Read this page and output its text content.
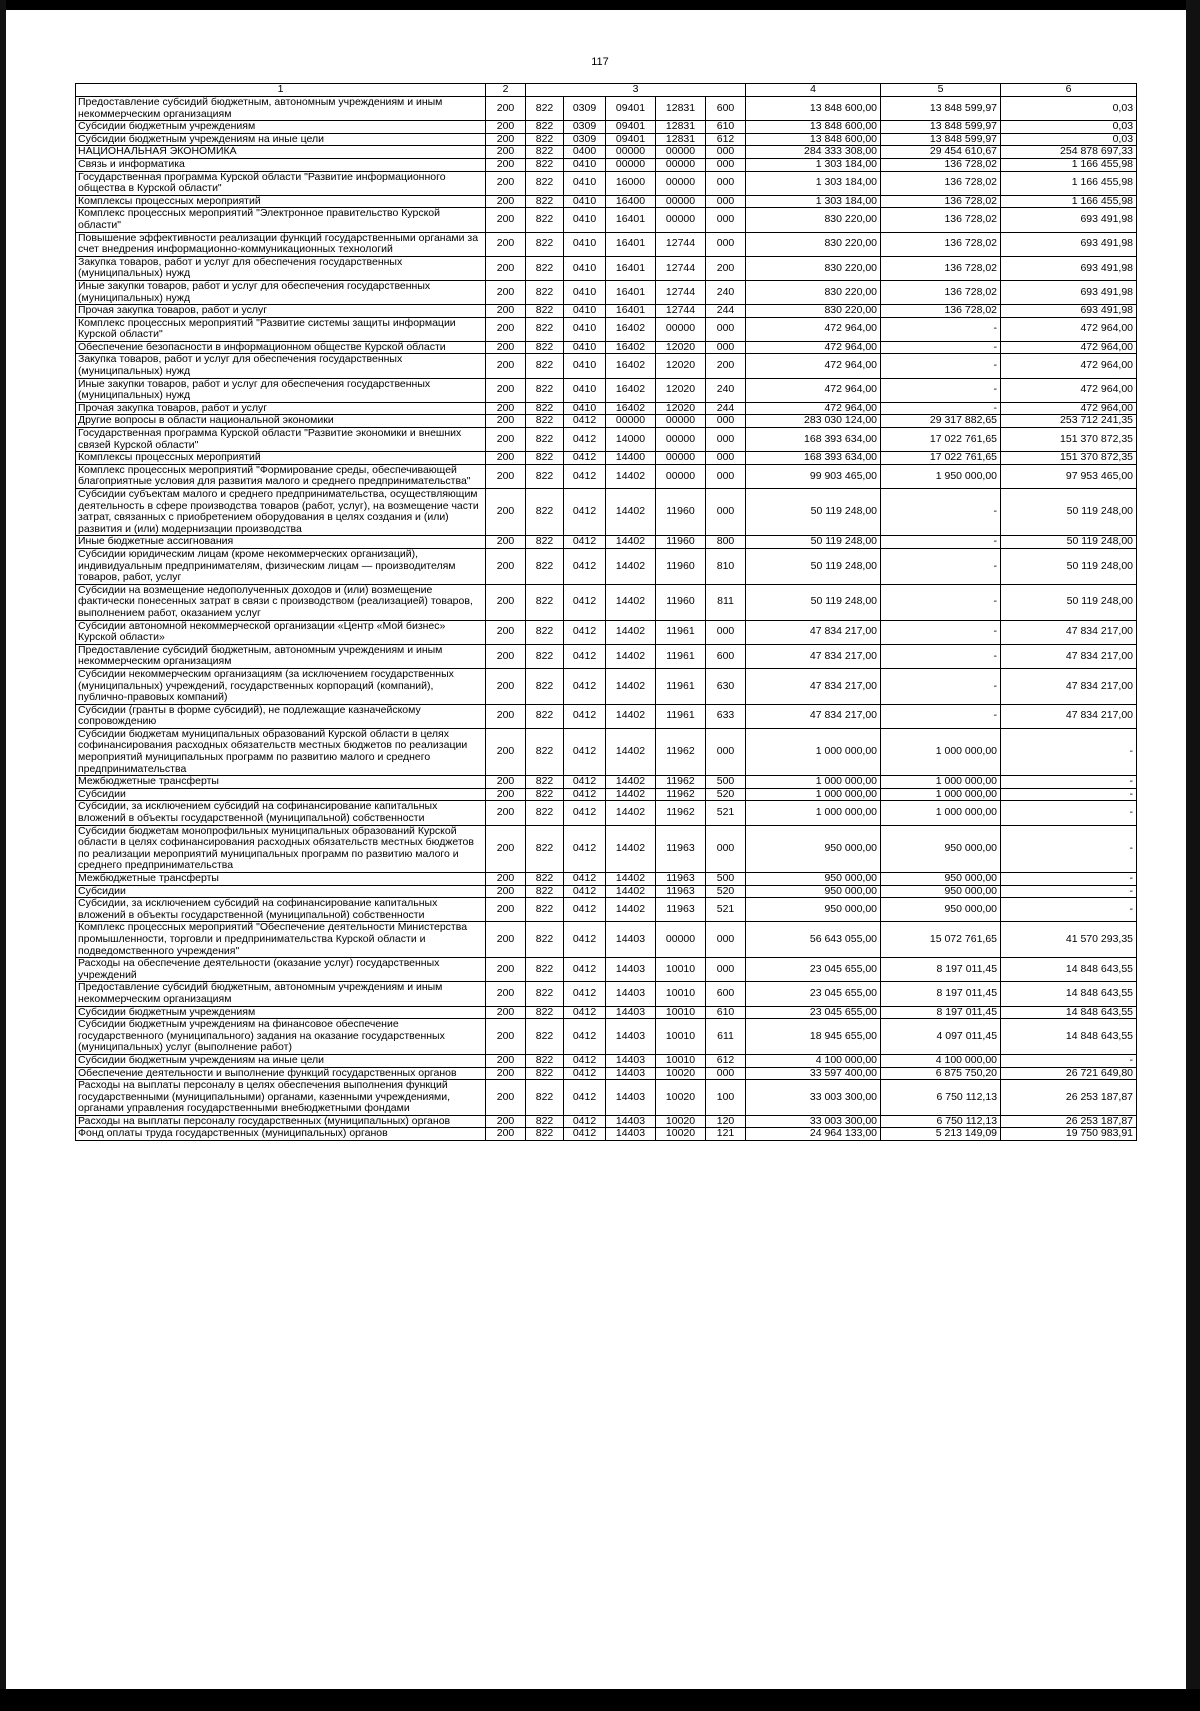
117
1	2	3					4	5	6
Предоставление субсидий бюджетным, автономным учреждениям и иным некоммерческим организациям	200	822	0309	09401	12831	600	13 848 600,00	13 848 599,97	0,03
Субсидии бюджетным учреждениям	200	822	0309	09401	12831	610	13 848 600,00	13 848 599,97	0,03
Субсидии бюджетным учреждениям на иные цели	200	822	0309	09401	12831	612	13 848 600,00	13 848 599,97	0,03
НАЦИОНАЛЬНАЯ ЭКОНОМИКА	200	822	0400	00000	00000	000	284 333 308,00	29 454 610,67	254 878 697,33
Связь и информатика	200	822	0410	00000	00000	000	1 303 184,00	136 728,02	1 166 455,98
Государственная программа Курской области "Развитие информационного общества в Курской области"	200	822	0410	16000	00000	000	1 303 184,00	136 728,02	1 166 455,98
Комплексы процессных мероприятий	200	822	0410	16400	00000	000	1 303 184,00	136 728,02	1 166 455,98
Комплекс процессных мероприятий "Электронное правительство Курской области"	200	822	0410	16401	00000	000	830 220,00	136 728,02	693 491,98
Повышение эффективности реализации функций государственными органами за счет внедрения информационно-коммуникационных технологий	200	822	0410	16401	12744	000	830 220,00	136 728,02	693 491,98
Закупка товаров, работ и услуг для обеспечения государственных (муниципальных) нужд	200	822	0410	16401	12744	200	830 220,00	136 728,02	693 491,98
Иные закупки товаров, работ и услуг для обеспечения государственных (муниципальных) нужд	200	822	0410	16401	12744	240	830 220,00	136 728,02	693 491,98
Прочая закупка товаров, работ и услуг	200	822	0410	16401	12744	244	830 220,00	136 728,02	693 491,98
Комплекс процессных мероприятий "Развитие системы защиты информации Курской области"	200	822	0410	16402	00000	000	472 964,00	-	472 964,00
Обеспечение безопасности в информационном обществе Курской области	200	822	0410	16402	12020	000	472 964,00	-	472 964,00
Закупка товаров, работ и услуг для обеспечения государственных (муниципальных) нужд	200	822	0410	16402	12020	200	472 964,00	-	472 964,00
Иные закупки товаров, работ и услуг для обеспечения государственных (муниципальных) нужд	200	822	0410	16402	12020	240	472 964,00	-	472 964,00
Прочая закупка товаров, работ и услуг	200	822	0410	16402	12020	244	472 964,00	-	472 964,00
Другие вопросы в области национальной экономики	200	822	0412	00000	00000	000	283 030 124,00	29 317 882,65	253 712 241,35
Государственная программа Курской области "Развитие экономики и внешних связей Курской области"	200	822	0412	14000	00000	000	168 393 634,00	17 022 761,65	151 370 872,35
Комплексы процессных мероприятий	200	822	0412	14400	00000	000	168 393 634,00	17 022 761,65	151 370 872,35
Комплекс процессных мероприятий "Формирование среды, обеспечивающей благоприятные условия для развития малого и среднего предпринимательства"	200	822	0412	14402	00000	000	99 903 465,00	1 950 000,00	97 953 465,00
Субсидии субъектам малого и среднего предпринимательства, осуществляющим деятельность в сфере производства товаров (работ, услуг), на возмещение части затрат, связанных с приобретением оборудования в целях создания и (или) развития и (или) модернизации производства	200	822	0412	14402	11960	000	50 119 248,00	-	50 119 248,00
Иные бюджетные ассигнования	200	822	0412	14402	11960	800	50 119 248,00	-	50 119 248,00
Субсидии юридическим лицам (кроме некоммерческих организаций), индивидуальным предпринимателям, физическим лицам — производителям товаров, работ, услуг	200	822	0412	14402	11960	810	50 119 248,00	-	50 119 248,00
Субсидии на возмещение недополученных доходов и (или) возмещение фактически понесенных затрат в связи с производством (реализацией) товаров, выполнением работ, оказанием услуг	200	822	0412	14402	11960	811	50 119 248,00	-	50 119 248,00
Субсидии автономной некоммерческой организации «Центр «Мой бизнес» Курской области»	200	822	0412	14402	11961	000	47 834 217,00	-	47 834 217,00
Предоставление субсидий бюджетным, автономным учреждениям и иным некоммерческим организациям	200	822	0412	14402	11961	600	47 834 217,00	-	47 834 217,00
Субсидии некоммерческим организациям (за исключением государственных (муниципальных) учреждений, государственных корпораций (компаний), публично-правовых компаний)	200	822	0412	14402	11961	630	47 834 217,00	-	47 834 217,00
Субсидии (гранты в форме субсидий), не подлежащие казначейскому сопровождению	200	822	0412	14402	11961	633	47 834 217,00	-	47 834 217,00
Субсидии бюджетам муниципальных образований Курской области в целях софинансирования расходных обязательств местных бюджетов по реализации мероприятий муниципальных программ по развитию малого и среднего предпринимательства	200	822	0412	14402	11962	000	1 000 000,00	1 000 000,00	-
Межбюджетные трансферты	200	822	0412	14402	11962	500	1 000 000,00	1 000 000,00	-
Субсидии	200	822	0412	14402	11962	520	1 000 000,00	1 000 000,00	-
Субсидии, за исключением субсидий на софинансирование капитальных вложений в объекты государственной (муниципальной) собственности	200	822	0412	14402	11962	521	1 000 000,00	1 000 000,00	-
Субсидии бюджетам монопрофильных муниципальных образований Курской области в целях софинансирования расходных обязательств местных бюджетов по реализации мероприятий муниципальных программ по развитию малого и среднего предпринимательства	200	822	0412	14402	11963	000	950 000,00	950 000,00	-
Межбюджетные трансферты	200	822	0412	14402	11963	500	950 000,00	950 000,00	-
Субсидии	200	822	0412	14402	11963	520	950 000,00	950 000,00	-
Субсидии, за исключением субсидий на софинансирование капитальных вложений в объекты государственной (муниципальной) собственности	200	822	0412	14402	11963	521	950 000,00	950 000,00	-
Комплекс процессных мероприятий "Обеспечение деятельности Министерства промышленности, торговли и предпринимательства Курской области и подведомственного учреждения"	200	822	0412	14403	00000	000	56 643 055,00	15 072 761,65	41 570 293,35
Расходы на обеспечение деятельности (оказание услуг) государственных учреждений	200	822	0412	14403	10010	000	23 045 655,00	8 197 011,45	14 848 643,55
Предоставление субсидий бюджетным, автономным учреждениям и иным некоммерческим организациям	200	822	0412	14403	10010	600	23 045 655,00	8 197 011,45	14 848 643,55
Субсидии бюджетным учреждениям	200	822	0412	14403	10010	610	23 045 655,00	8 197 011,45	14 848 643,55
Субсидии бюджетным учреждениям на финансовое обеспечение государственного (муниципального) задания на оказание государственных (муниципальных) услуг (выполнение работ)	200	822	0412	14403	10010	611	18 945 655,00	4 097 011,45	14 848 643,55
Субсидии бюджетным учреждениям на иные цели	200	822	0412	14403	10010	612	4 100 000,00	4 100 000,00	-
Обеспечение деятельности и выполнение функций государственных органов	200	822	0412	14403	10020	000	33 597 400,00	6 875 750,20	26 721 649,80
Расходы на выплаты персоналу в целях обеспечения выполнения функций государственными (муниципальными) органами, казенными учреждениями, органами управления государственными внебюджетными фондами	200	822	0412	14403	10020	100	33 003 300,00	6 750 112,13	26 253 187,87
Расходы на выплаты персоналу государственных (муниципальных) органов	200	822	0412	14403	10020	120	33 003 300,00	6 750 112,13	26 253 187,87
Фонд оплаты труда государственных (муниципальных) органов	200	822	0412	14403	10020	121	24 964 133,00	5 213 149,09	19 750 983,91
